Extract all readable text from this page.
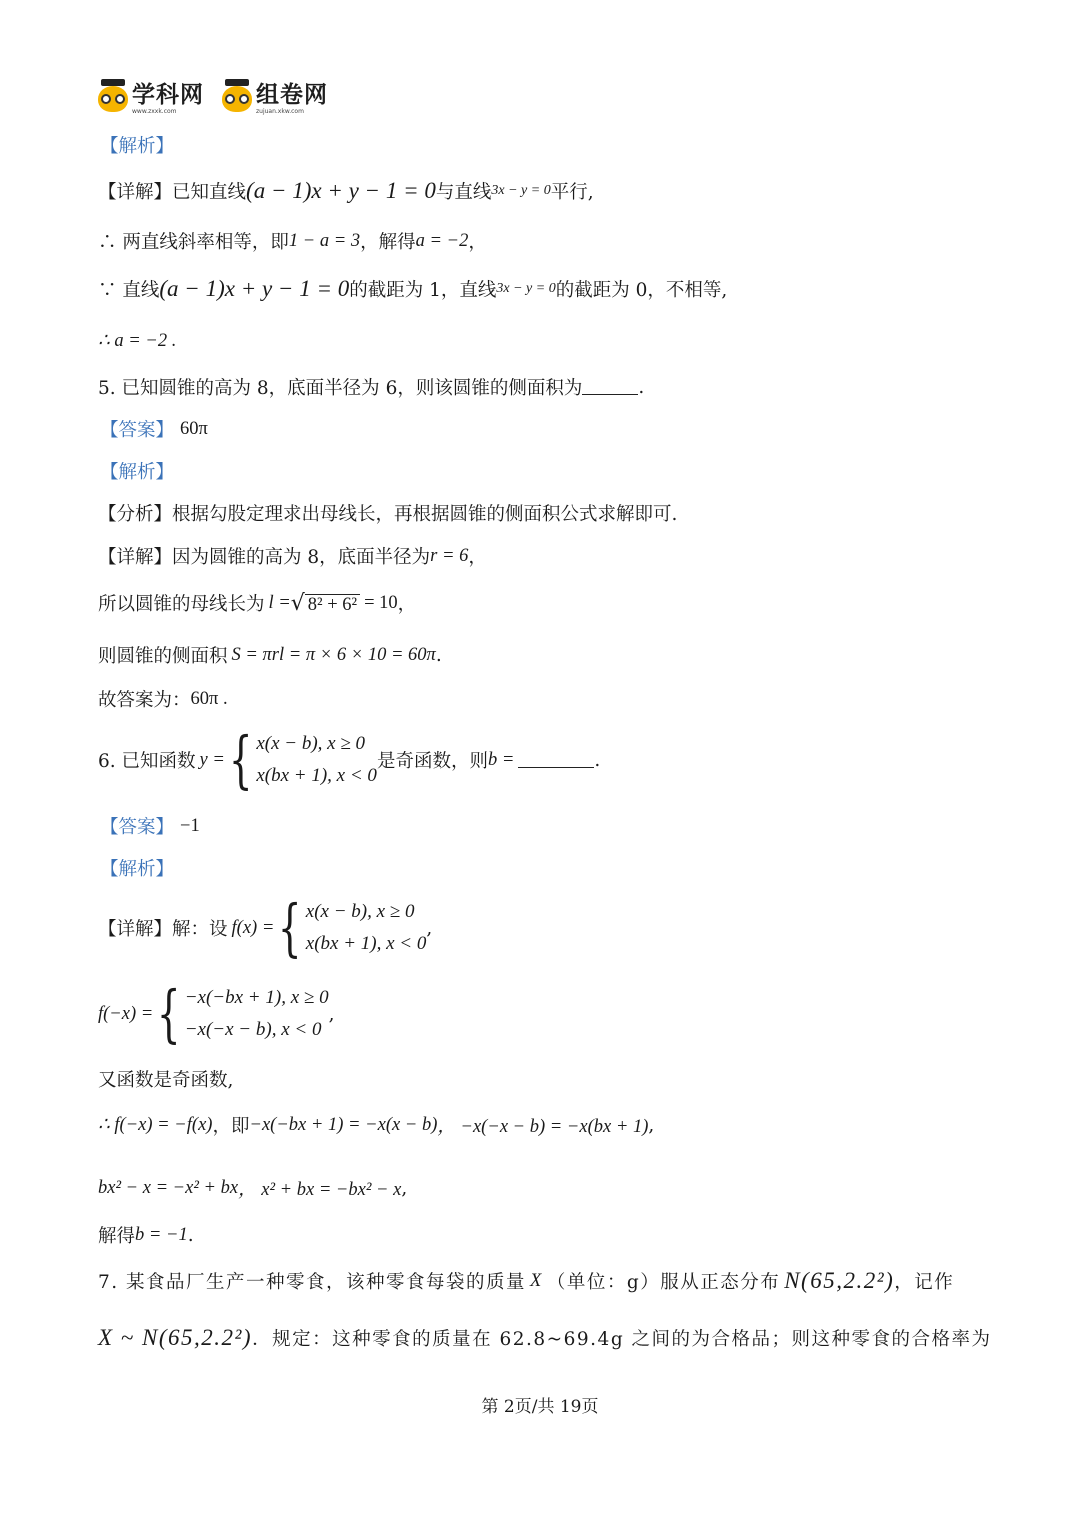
学科网
www.zxxk.com
组卷网
zujuan.xkw.com
【解析】
【详解】 已知直线 (a − 1)x + y − 1 = 0 与直线 3x − y = 0 平行,
∴ 两直线斜率相等，即 1 − a = 3 ，解得 a = −2 ，
∵ 直线 (a − 1)x + y − 1 = 0 的截距为 1，直线 3x − y = 0 的截距为 0，不相等,
∴ a = −2 .
5. 已知圆锥的高为 8，底面半径为 6，则该圆锥的侧面积为	.
【答案】 60π
【解析】
【分析】 根据勾股定理求出母线长，再根据圆锥的侧面积公式求解即可.
【详解】 因为圆锥的高为 8，底面半径为 r = 6 ，
所以圆锥的母线长为 l = √ 8² + 6² = 10 ，
则圆锥的侧面积 S = πrl = π × 6 × 10 = 60π .
故答案为： 60π .
6. 已知函数 y = { x(x − b), x ≥ 0
x(bx + 1), x < 0
是奇函数，则 b =	.
【答案】 −1
【解析】
【详解】 解：设 f(x) = { x(x − b), x ≥ 0
x(bx + 1), x < 0
,
f(−x) = { −x(−bx + 1), x ≥ 0
−x(−x − b), x < 0
,
又函数是奇函数,
∴ f(−x) = −f(x) ，即 −x(−bx + 1) = −x(x − b) ， −x(−x − b) = −x(bx + 1) ,
bx² − x = −x² + bx ， x² + bx = −bx² − x ,
解得 b = −1 .
7. 某食品厂生产一种零食，该种零食每袋的质量 X （单位：g）服从正态分布 N(65,2.2²) ，记作
X ~ N(65,2.2²) ．规定：这种零食的质量在 62.8~69.4g 之间的为合格品；则这种零食的合格率为
第 2页/共 19页
